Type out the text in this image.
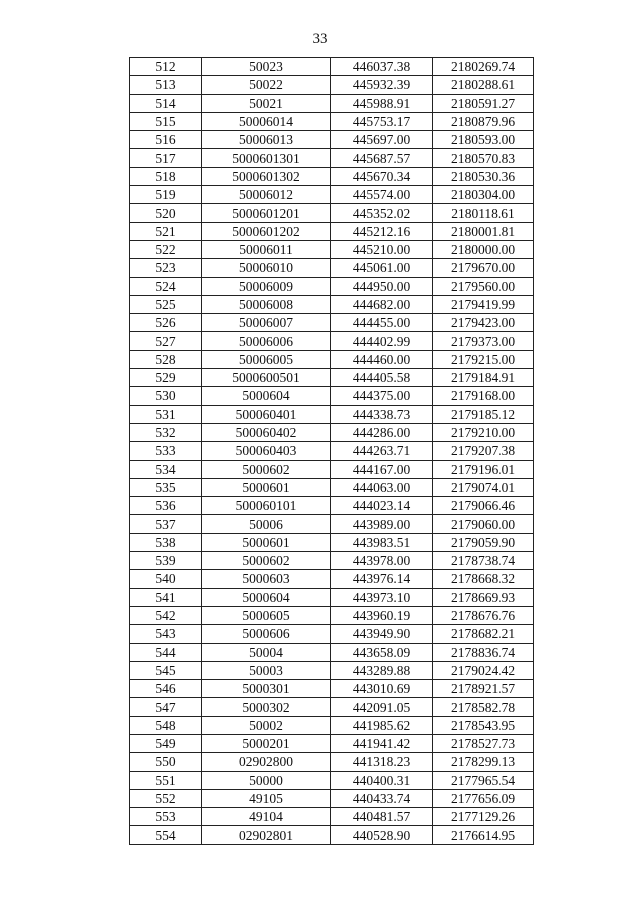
33
512	50023	446037.38	2180269.74
513	50022	445932.39	2180288.61
514	50021	445988.91	2180591.27
515	50006014	445753.17	2180879.96
516	50006013	445697.00	2180593.00
517	5000601301	445687.57	2180570.83
518	5000601302	445670.34	2180530.36
519	50006012	445574.00	2180304.00
520	5000601201	445352.02	2180118.61
521	5000601202	445212.16	2180001.81
522	50006011	445210.00	2180000.00
523	50006010	445061.00	2179670.00
524	50006009	444950.00	2179560.00
525	50006008	444682.00	2179419.99
526	50006007	444455.00	2179423.00
527	50006006	444402.99	2179373.00
528	50006005	444460.00	2179215.00
529	5000600501	444405.58	2179184.91
530	5000604	444375.00	2179168.00
531	500060401	444338.73	2179185.12
532	500060402	444286.00	2179210.00
533	500060403	444263.71	2179207.38
534	5000602	444167.00	2179196.01
535	5000601	444063.00	2179074.01
536	500060101	444023.14	2179066.46
537	50006	443989.00	2179060.00
538	5000601	443983.51	2179059.90
539	5000602	443978.00	2178738.74
540	5000603	443976.14	2178668.32
541	5000604	443973.10	2178669.93
542	5000605	443960.19	2178676.76
543	5000606	443949.90	2178682.21
544	50004	443658.09	2178836.74
545	50003	443289.88	2179024.42
546	5000301	443010.69	2178921.57
547	5000302	442091.05	2178582.78
548	50002	441985.62	2178543.95
549	5000201	441941.42	2178527.73
550	02902800	441318.23	2178299.13
551	50000	440400.31	2177965.54
552	49105	440433.74	2177656.09
553	49104	440481.57	2177129.26
554	02902801	440528.90	2176614.95
